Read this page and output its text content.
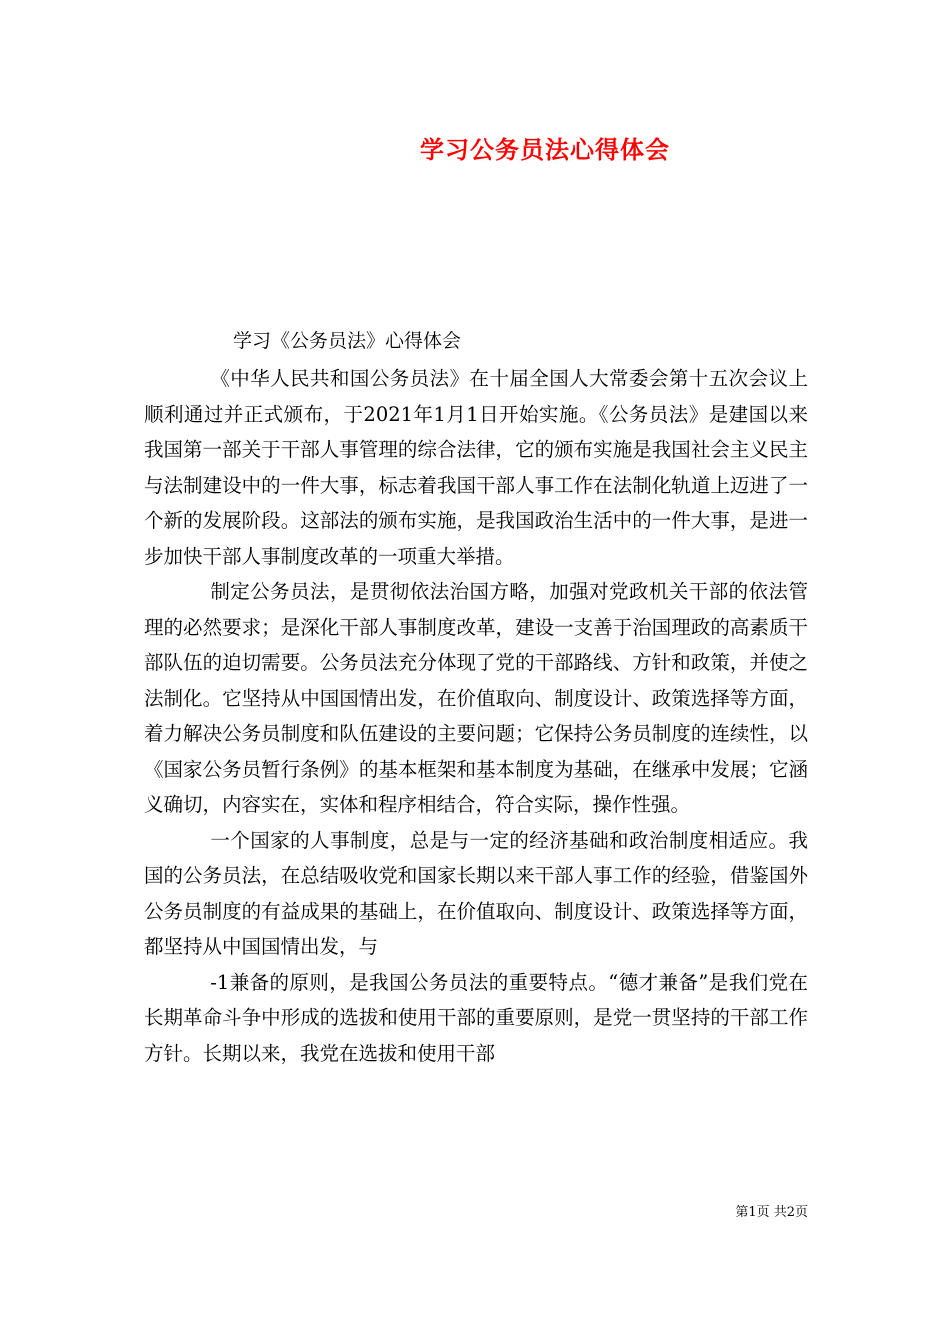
学习公务员法心得体会
学习《公务员法》心得体会

《中华人民共和国公务员法》在十届全国人大常委会第十五次会议上顺利通过并正式颁布，于2021年1月1日开始实施。《公务员法》是建国以来我国第一部关于干部人事管理的综合法律，它的颁布实施是我国社会主义民主与法制建设中的一件大事，标志着我国干部人事工作在法制化轨道上迈进了一个新的发展阶段。这部法的颁布实施，是我国政治生活中的一件大事，是进一步加快干部人事制度改革的一项重大举措。

制定公务员法，是贯彻依法治国方略，加强对党政机关干部的依法管理的必然要求；是深化干部人事制度改革，建设一支善于治国理政的高素质干部队伍的迫切需要。公务员法充分体现了党的干部路线、方针和政策，并使之法制化。它坚持从中国国情出发，在价值取向、制度设计、政策选择等方面，着力解决公务员制度和队伍建设的主要问题；它保持公务员制度的连续性，以《国家公务员暂行条例》的基本框架和基本制度为基础，在继承中发展；它涵义确切，内容实在，实体和程序相结合，符合实际，操作性强。

一个国家的人事制度，总是与一定的经济基础和政治制度相适应。我国的公务员法，在总结吸收党和国家长期以来干部人事工作的经验，借鉴国外公务员制度的有益成果的基础上，在价值取向、制度设计、政策选择等方面，都坚持从中国国情出发，与

-1兼备的原则，是我国公务员法的重要特点。“德才兼备”是我们党在长期革命斗争中形成的选拔和使用干部的重要原则，是党一贯坚持的干部工作方针。长期以来，我党在选拔和使用干部

第1页 共2页
